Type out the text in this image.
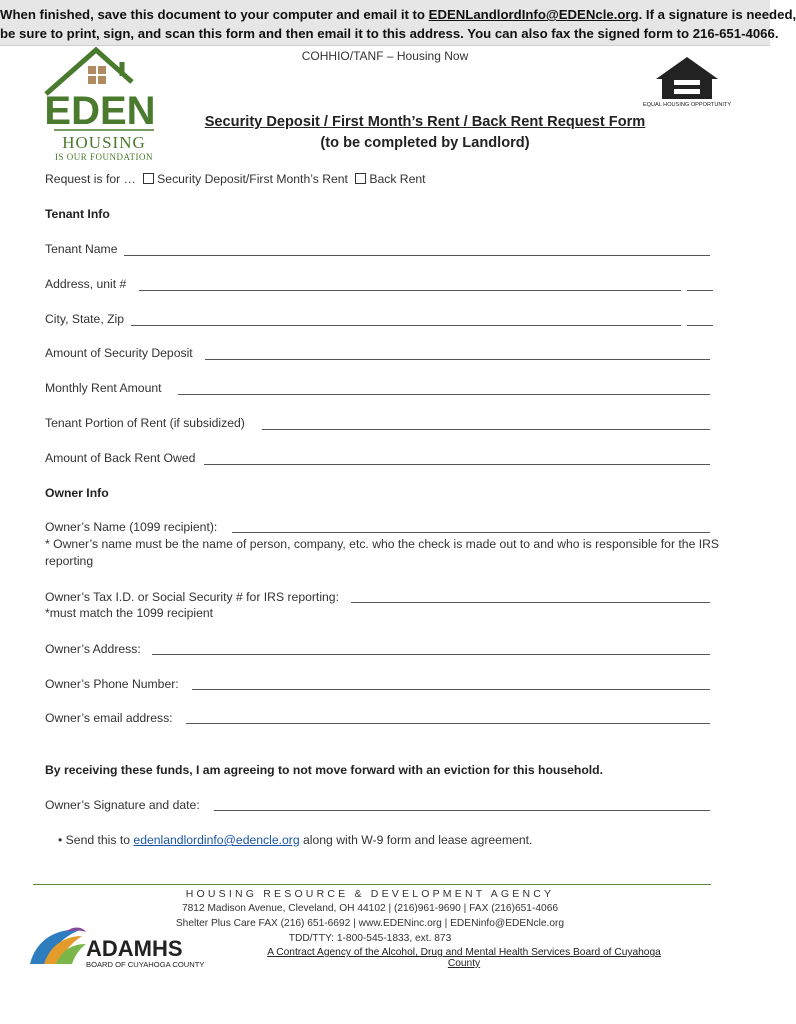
When finished, save this document to your computer and email it to EDENLandlordInfo@EDENcle.org. If a signature is needed,
be sure to print, sign, and scan this form and then email it to this address. You can also fax the signed form to 216-651-4066.
COHHIO/TANF – Housing Now
EDEN
HOUSING
IS OUR FOUNDATION
EQUAL HOUSING OPPORTUNITY
Security Deposit / First Month’s Rent / Back Rent Request Form
(to be completed by Landlord)
Request is for … Security Deposit/First Month’s Rent Back Rent
Tenant Info
Tenant Name
Address, unit #
City, State, Zip
Amount of Security Deposit
Monthly Rent Amount
Tenant Portion of Rent (if subsidized)
Amount of Back Rent Owed
Owner Info
Owner’s Name (1099 recipient):
* Owner’s name must be the name of person, company, etc. who the check is made out to and who is responsible for the IRS reporting
Owner’s Tax I.D. or Social Security # for IRS reporting:
*must match the 1099 recipient
Owner’s Address:
Owner’s Phone Number:
Owner’s email address:
By receiving these funds, I am agreeing to not move forward with an eviction for this household.
Owner’s Signature and date:
• Send this to edenlandlordinfo@edencle.org along with W-9 form and lease agreement.
HOUSING RESOURCE & DEVELOPMENT AGENCY
7812 Madison Avenue, Cleveland, OH 44102 | (216)961-9690 | FAX (216)651-4066
Shelter Plus Care FAX (216) 651-6692 | www.EDENinc.org | EDENinfo@EDENcle.org
TDD/TTY: 1-800-545-1833, ext. 873
A Contract Agency of the Alcohol, Drug and Mental Health Services Board of Cuyahoga County
ADAMHS
BOARD OF CUYAHOGA COUNTY
